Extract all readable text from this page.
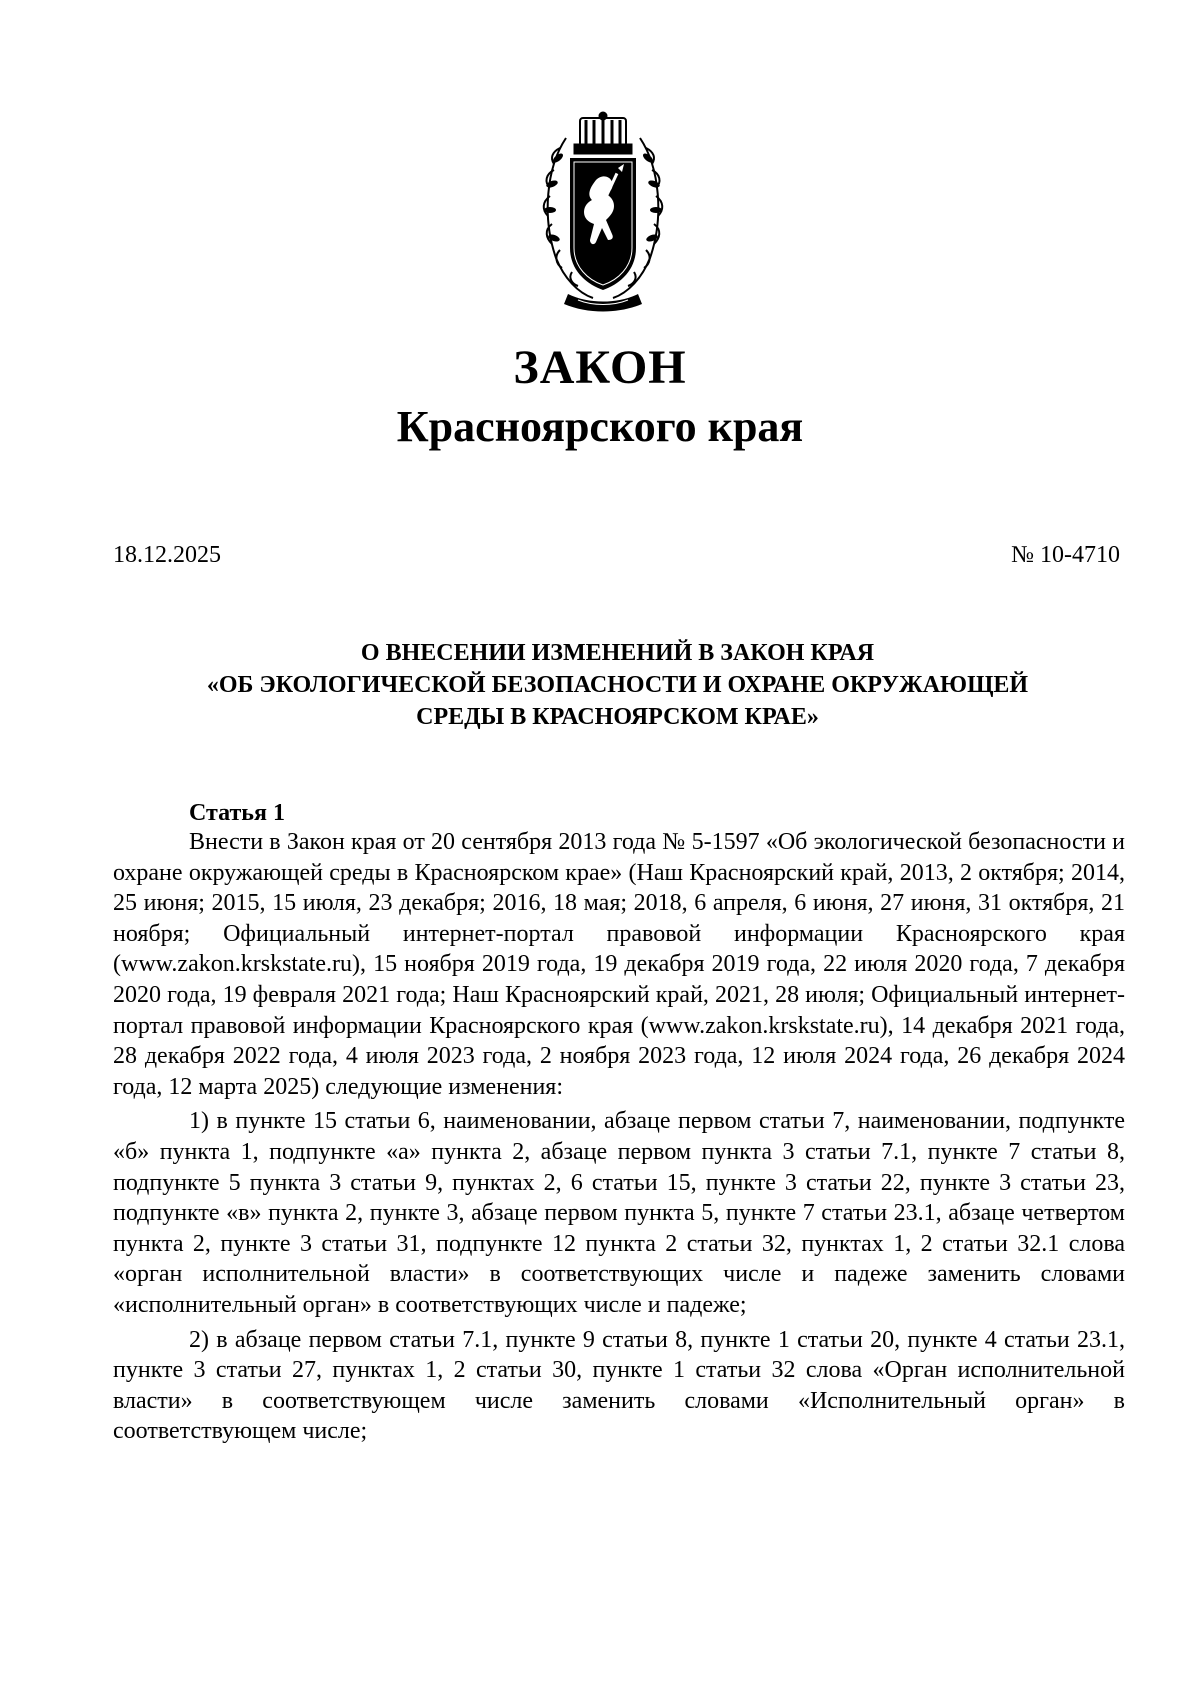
ЗАКОН
Красноярского края
18.12.2025	№ 10-4710
О ВНЕСЕНИИ ИЗМЕНЕНИЙ В ЗАКОН КРАЯ
«ОБ ЭКОЛОГИЧЕСКОЙ БЕЗОПАСНОСТИ И ОХРАНЕ ОКРУЖАЮЩЕЙ
СРЕДЫ В КРАСНОЯРСКОМ КРАЕ»
Статья 1

Внести в Закон края от 20 сентября 2013 года № 5-1597 «Об экологической безопасности и охране окружающей среды в Красноярском крае» (Наш Красноярский край, 2013, 2 октября; 2014, 25 июня; 2015, 15 июля, 23 декабря; 2016, 18 мая; 2018, 6 апреля, 6 июня, 27 июня, 31 октября, 21 ноября; Официальный интернет-портал правовой информации Красноярского края (www.zakon.krskstate.ru), 15 ноября 2019 года, 19 декабря 2019 года, 22 июля 2020 года, 7 декабря 2020 года, 19 февраля 2021 года; Наш Красноярский край, 2021, 28 июля; Официальный интернет-портал правовой информации Красноярского края (www.zakon.krskstate.ru), 14 декабря 2021 года, 28 декабря 2022 года, 4 июля 2023 года, 2 ноября 2023 года, 12 июля 2024 года, 26 декабря 2024 года, 12 марта 2025) следующие изменения:

1) в пункте 15 статьи 6, наименовании, абзаце первом статьи 7, наименовании, подпункте «б» пункта 1, подпункте «а» пункта 2, абзаце первом пункта 3 статьи 7.1, пункте 7 статьи 8, подпункте 5 пункта 3 статьи 9, пунктах 2, 6 статьи 15, пункте 3 статьи 22, пункте 3 статьи 23, подпункте «в» пункта 2, пункте 3, абзаце первом пункта 5, пункте 7 статьи 23.1, абзаце четвертом пункта 2, пункте 3 статьи 31, подпункте 12 пункта 2 статьи 32, пунктах 1, 2 статьи 32.1 слова «орган исполнительной власти» в соответствующих числе и падеже заменить словами «исполнительный орган» в соответствующих числе и падеже;

2) в абзаце первом статьи 7.1, пункте 9 статьи 8, пункте 1 статьи 20, пункте 4 статьи 23.1, пункте 3 статьи 27, пунктах 1, 2 статьи 30, пункте 1 статьи 32 слова «Орган исполнительной власти» в соответствующем числе заменить словами «Исполнительный орган» в соответствующем числе;
